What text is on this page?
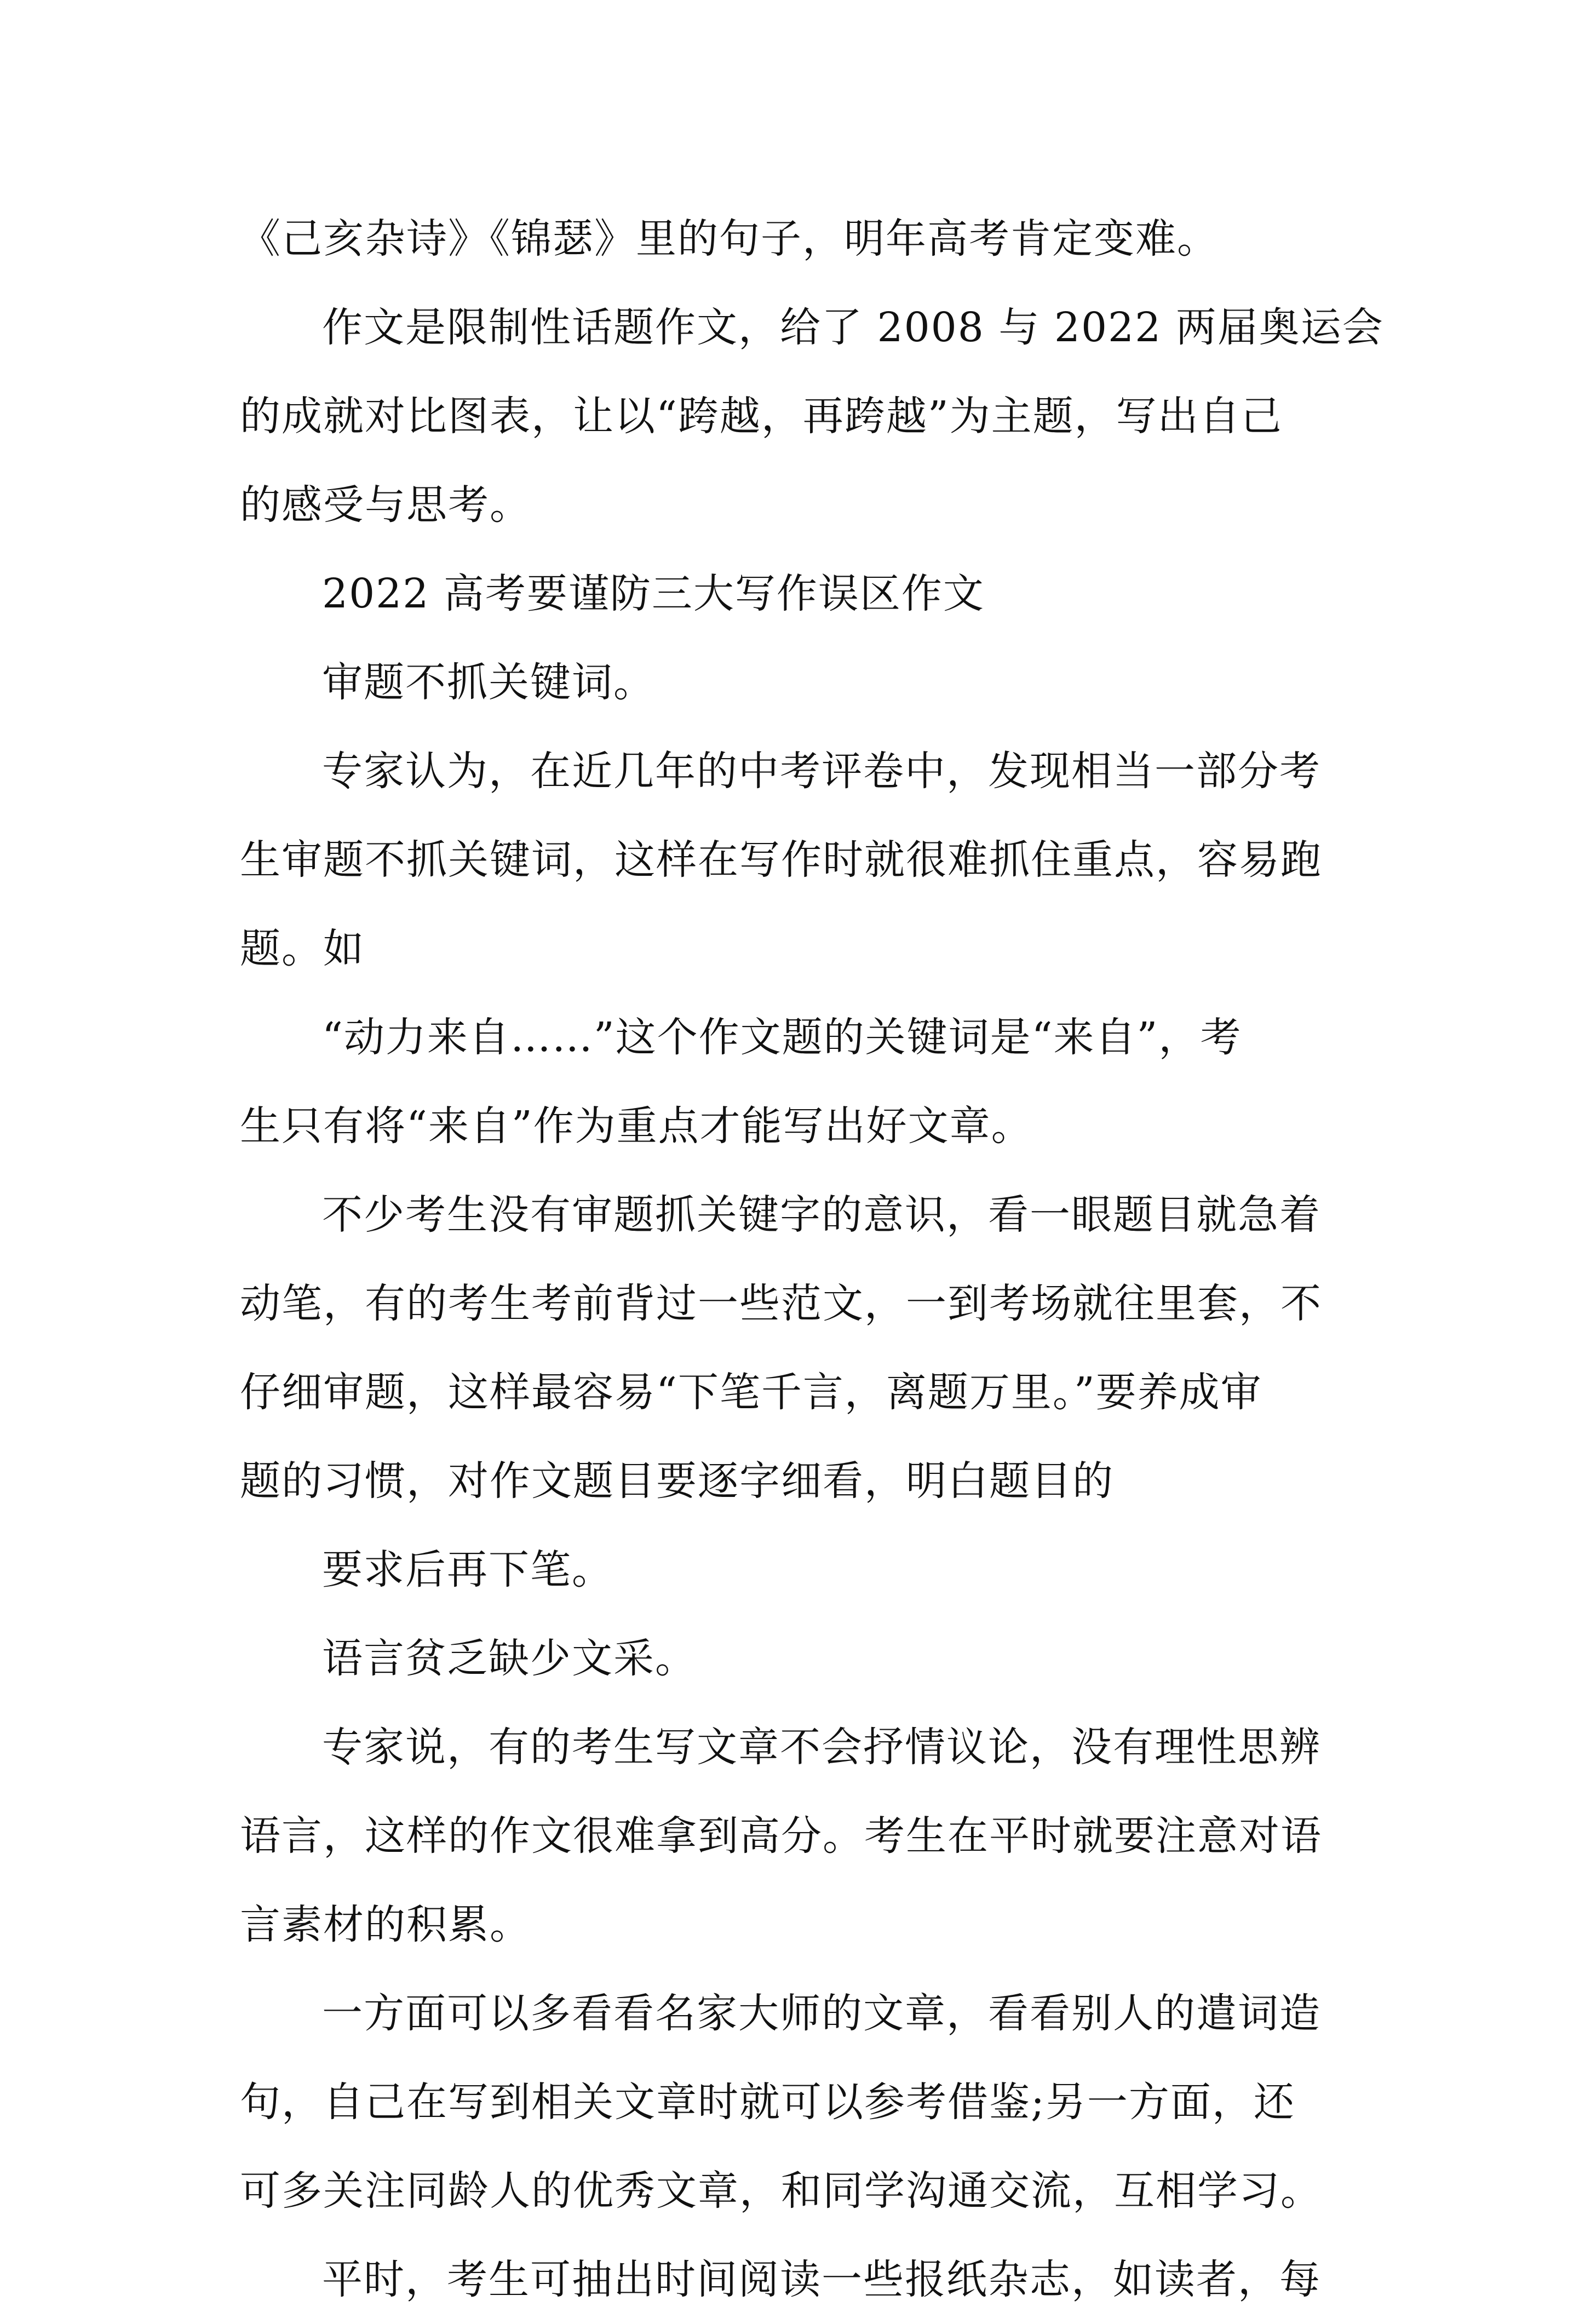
《己亥杂诗》《锦瑟》里的句子，明年高考肯定变难。
作文是限制性话题作文，给了 2008 与 2022 两届奥运会
的成就对比图表，让以“跨越，再跨越”为主题，写出自己
的感受与思考。
2022 高考要谨防三大写作误区作文
审题不抓关键词。
专家认为，在近几年的中考评卷中，发现相当一部分考
生审题不抓关键词，这样在写作时就很难抓住重点，容易跑
题。如
“动力来自……”这个作文题的关键词是“来自”，考
生只有将“来自”作为重点才能写出好文章。
不少考生没有审题抓关键字的意识，看一眼题目就急着
动笔，有的考生考前背过一些范文，一到考场就往里套，不
仔细审题，这样最容易“下笔千言，离题万里。”要养成审
题的习惯，对作文题目要逐字细看，明白题目的
要求后再下笔。
语言贫乏缺少文采。
专家说，有的考生写文章不会抒情议论，没有理性思辨
语言，这样的作文很难拿到高分。考生在平时就要注意对语
言素材的积累。
一方面可以多看看名家大师的文章，看看别人的遣词造
句，自己在写到相关文章时就可以参考借鉴;另一方面，还
可多关注同龄人的优秀文章，和同学沟通交流，互相学习。
平时，考生可抽出时间阅读一些报纸杂志，如读者，每
